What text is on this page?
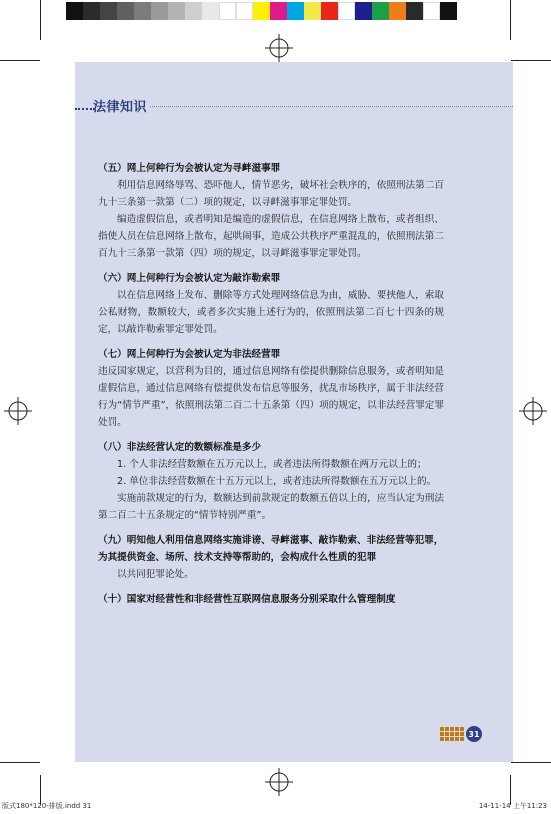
法律知识
（五）网上何种行为会被认定为寻衅滋事罪
利用信息网络辱骂、恐吓他人，情节恶劣，破坏社会秩序的，依照刑法第二百九十三条第一款第（二）项的规定，以寻衅滋事罪定罪处罚。
编造虚假信息，或者明知是编造的虚假信息，在信息网络上散布，或者组织、指使人员在信息网络上散布，起哄闹事，造成公共秩序严重混乱的，依照刑法第二百九十三条第一款第（四）项的规定，以寻衅滋事罪定罪处罚。
（六）网上何种行为会被认定为敲诈勒索罪
以在信息网络上发布、删除等方式处理网络信息为由，威胁、要挟他人，索取公私财物，数额较大，或者多次实施上述行为的，依照刑法第二百七十四条的规定，以敲诈勒索罪定罪处罚。
（七）网上何种行为会被认定为非法经营罪
违反国家规定，以营利为目的，通过信息网络有偿提供删除信息服务，或者明知是虚假信息，通过信息网络有偿提供发布信息等服务，扰乱市场秩序，属于非法经营行为“情节严重”，依照刑法第二百二十五条第（四）项的规定，以非法经营罪定罪处罚。
（八）非法经营认定的数额标准是多少
1. 个人非法经营数额在五万元以上，或者违法所得数额在两万元以上的；
2. 单位非法经营数额在十五万元以上，或者违法所得数额在五万元以上的。
实施前款规定的行为，数额达到前款规定的数额五倍以上的，应当认定为刑法第二百二十五条规定的“情节特别严重”。
（九）明知他人利用信息网络实施诽谤、寻衅滋事、敲诈勒索、非法经营等犯罪，为其提供资金、场所、技术支持等帮助的，会构成什么性质的犯罪
以共同犯罪论处。
（十）国家对经营性和非经营性互联网信息服务分别采取什么管理制度
31
版式180*120-排版.indd 31	14-11-14 上午11:23
